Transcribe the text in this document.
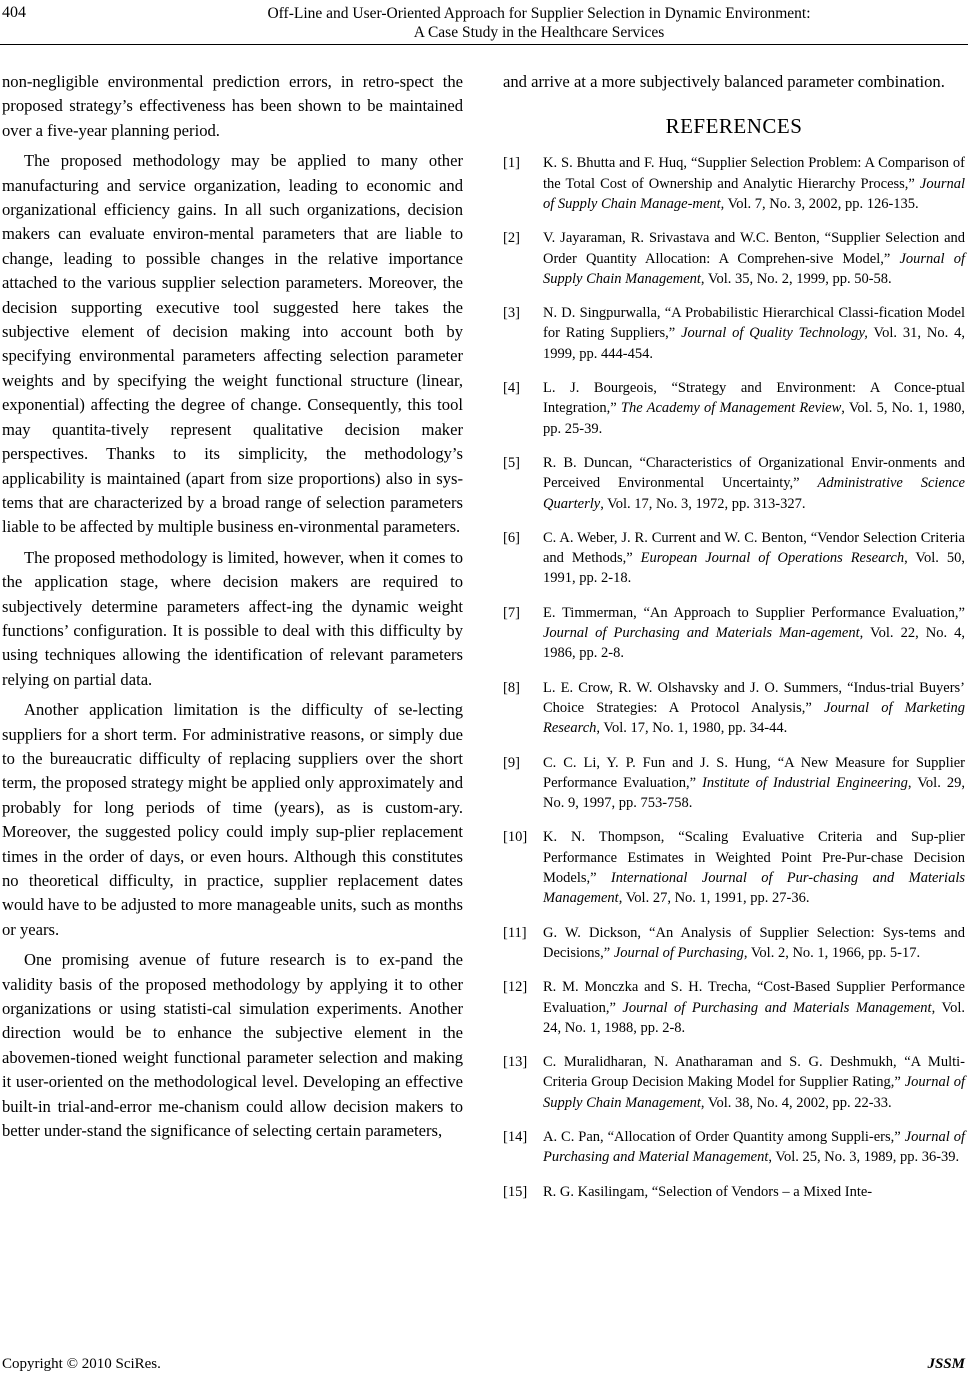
404	Off-Line and User-Oriented Approach for Supplier Selection in Dynamic Environment:
A Case Study in the Healthcare Services

non-negligible environmental prediction errors, in retro-spect the proposed strategy’s effectiveness has been shown to be maintained over a five-year planning period.

The proposed methodology may be applied to many other manufacturing and service organization, leading to economic and organizational efficiency gains. In all such organizations, decision makers can evaluate environ-mental parameters that are liable to change, leading to possible changes in the relative importance attached to the various supplier selection parameters. Moreover, the decision supporting executive tool suggested here takes the subjective element of decision making into account both by specifying environmental parameters affecting selection parameter weights and by specifying the weight functional structure (linear, exponential) affecting the degree of change. Consequently, this tool may quantita-tively represent qualitative decision maker perspectives. Thanks to its simplicity, the methodology’s applicability is maintained (apart from size proportions) also in sys-tems that are characterized by a broad range of selection parameters liable to be affected by multiple business en-vironmental parameters.

The proposed methodology is limited, however, when it comes to the application stage, where decision makers are required to subjectively determine parameters affect-ing the dynamic weight functions’ configuration. It is possible to deal with this difficulty by using techniques allowing the identification of relevant parameters relying on partial data.

Another application limitation is the difficulty of se-lecting suppliers for a short term. For administrative reasons, or simply due to the bureaucratic difficulty of replacing suppliers over the short term, the proposed strategy might be applied only approximately and probably for long periods of time (years), as is custom-ary. Moreover, the suggested policy could imply sup-plier replacement times in the order of days, or even hours. Although this constitutes no theoretical difficulty, in practice, supplier replacement dates would have to be adjusted to more manageable units, such as months or years.

One promising avenue of future research is to ex-pand the validity basis of the proposed methodology by applying it to other organizations or using statisti-cal simulation experiments. Another direction would be to enhance the subjective element in the abovemen-tioned weight functional parameter selection and making it user-oriented on the methodological level. Developing an effective built-in trial-and-error me-chanism could allow decision makers to better under-stand the significance of selecting certain parameters,

and arrive at a more subjectively balanced parameter combination.

REFERENCES
[1]	K. S. Bhutta and F. Huq, “Supplier Selection Problem: A Comparison of the Total Cost of Ownership and Analytic Hierarchy Process,” Journal of Supply Chain Manage-ment, Vol. 7, No. 3, 2002, pp. 126-135.
[2]	V. Jayaraman, R. Srivastava and W.C. Benton, “Supplier Selection and Order Quantity Allocation: A Comprehen-sive Model,” Journal of Supply Chain Management, Vol. 35, No. 2, 1999, pp. 50-58.
[3]	N. D. Singpurwalla, “A Probabilistic Hierarchical Classi-fication Model for Rating Suppliers,” Journal of Quality Technology, Vol. 31, No. 4, 1999, pp. 444-454.
[4]	L. J. Bourgeois, “Strategy and Environment: A Conce-ptual Integration,” The Academy of Management Review, Vol. 5, No. 1, 1980, pp. 25-39.
[5]	R. B. Duncan, “Characteristics of Organizational Envir-onments and Perceived Environmental Uncertainty,” Administrative Science Quarterly, Vol. 17, No. 3, 1972, pp. 313-327.
[6]	C. A. Weber, J. R. Current and W. C. Benton, “Vendor Selection Criteria and Methods,” European Journal of Operations Research, Vol. 50, 1991, pp. 2-18.
[7]	E. Timmerman, “An Approach to Supplier Performance Evaluation,” Journal of Purchasing and Materials Man-agement, Vol. 22, No. 4, 1986, pp. 2-8.
[8]	L. E. Crow, R. W. Olshavsky and J. O. Summers, “Indus-trial Buyers’ Choice Strategies: A Protocol Analysis,” Journal of Marketing Research, Vol. 17, No. 1, 1980, pp. 34-44.
[9]	C. C. Li, Y. P. Fun and J. S. Hung, “A New Measure for Supplier Performance Evaluation,” Institute of Industrial Engineering, Vol. 29, No. 9, 1997, pp. 753-758.
[10]	K. N. Thompson, “Scaling Evaluative Criteria and Sup-plier Performance Estimates in Weighted Point Pre-Pur-chase Decision Models,” International Journal of Pur-chasing and Materials Management, Vol. 27, No. 1, 1991, pp. 27-36.
[11]	G. W. Dickson, “An Analysis of Supplier Selection: Sys-tems and Decisions,” Journal of Purchasing, Vol. 2, No. 1, 1966, pp. 5-17.
[12]	R. M. Monczka and S. H. Trecha, “Cost-Based Supplier Performance Evaluation,” Journal of Purchasing and Materials Management, Vol. 24, No. 1, 1988, pp. 2-8.
[13]	C. Muralidharan, N. Anatharaman and S. G. Deshmukh, “A Multi-Criteria Group Decision Making Model for Supplier Rating,” Journal of Supply Chain Management, Vol. 38, No. 4, 2002, pp. 22-33.
[14]	A. C. Pan, “Allocation of Order Quantity among Suppli-ers,” Journal of Purchasing and Material Management, Vol. 25, No. 3, 1989, pp. 36-39.
[15]	R. G. Kasilingam, “Selection of Vendors – a Mixed Inte-
Copyright © 2010 SciRes.	JSSM
